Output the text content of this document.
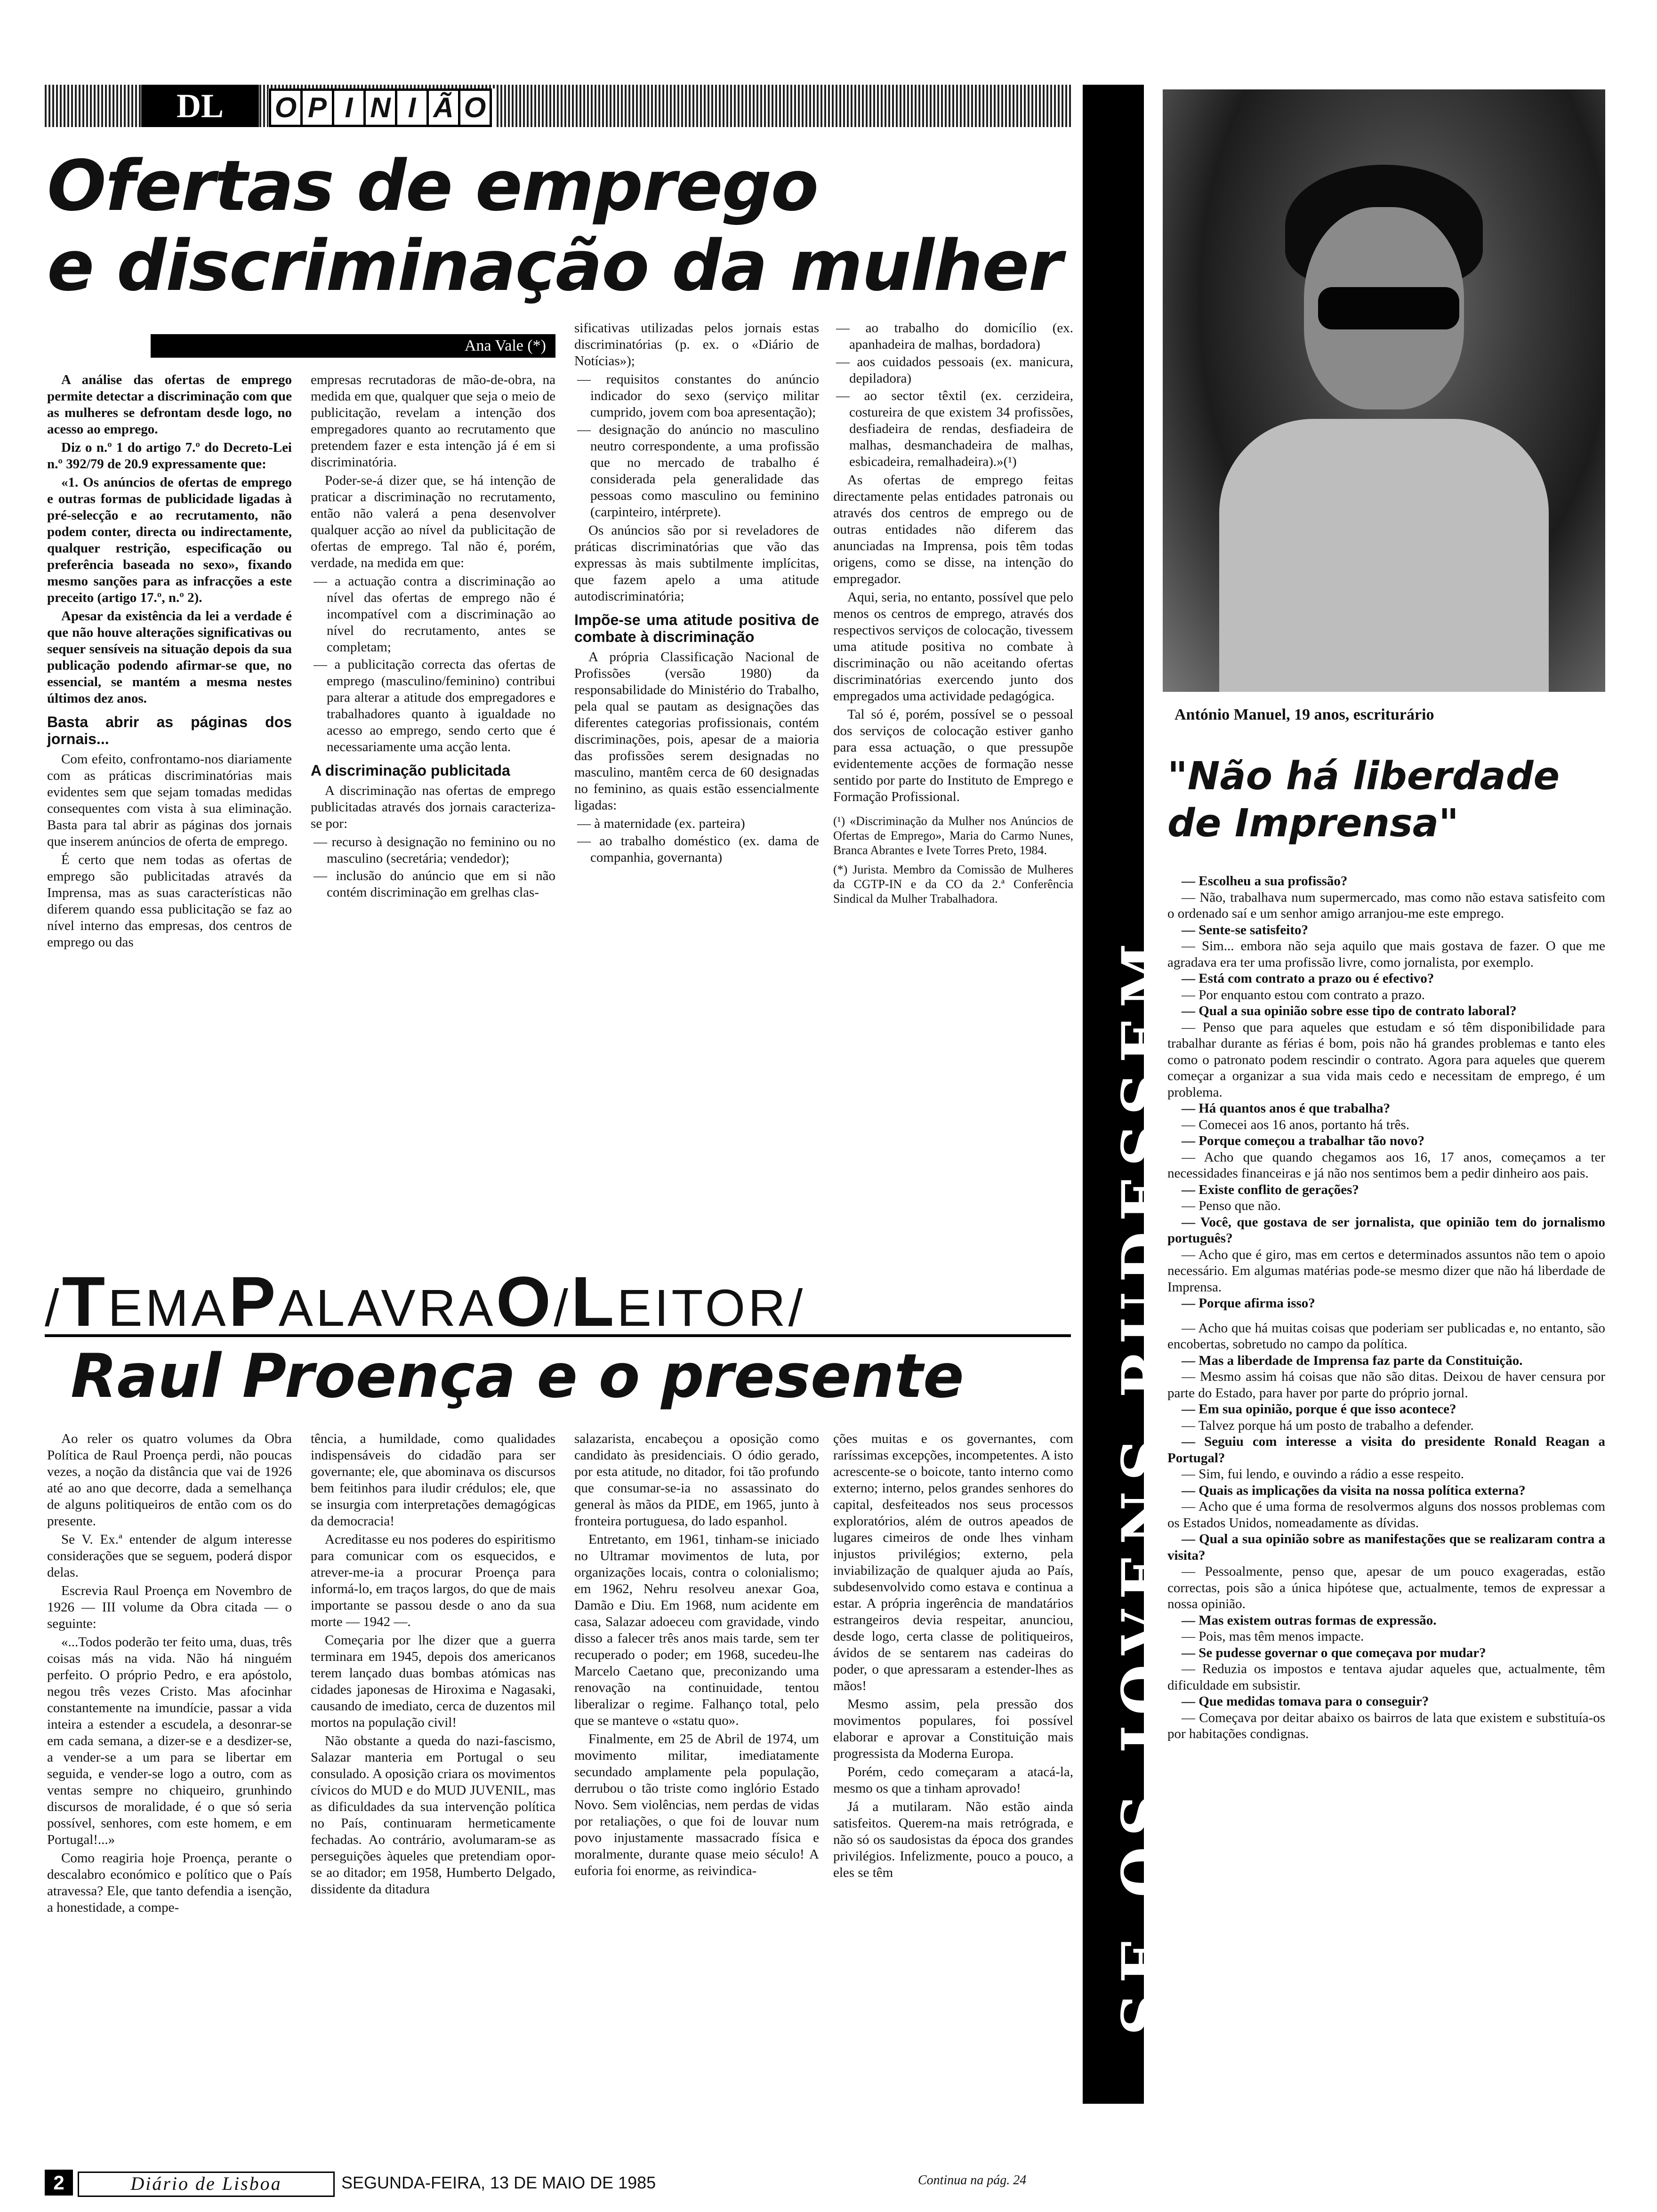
DL	O P I N I Ã O
Ofertas de emprego
e discriminação da mulher
Ana Vale (*)

A análise das ofertas de emprego permite detectar a discriminação com que as mulheres se defrontam desde logo, no acesso ao emprego.

Diz o n.º 1 do artigo 7.º do Decreto-Lei n.º 392/79 de 20.9 expressamente que:

«1. Os anúncios de ofertas de emprego e outras formas de publicidade ligadas à pré-selecção e ao recrutamento, não podem conter, directa ou indirectamente, qualquer restrição, especificação ou preferência baseada no sexo», fixando mesmo sanções para as infracções a este preceito (artigo 17.º, n.º 2).

Apesar da existência da lei a verdade é que não houve alterações significativas ou sequer sensíveis na situação depois da sua publicação podendo afirmar-se que, no essencial, se mantém a mesma nestes últimos dez anos.

Basta abrir as páginas dos jornais...

Com efeito, confrontamo-nos diariamente com as práticas discriminatórias mais evidentes sem que sejam tomadas medidas consequentes com vista à sua eliminação. Basta para tal abrir as páginas dos jornais que inserem anúncios de oferta de emprego.

É certo que nem todas as ofertas de emprego são publicitadas através da Imprensa, mas as suas características não diferem quando essa publicitação se faz ao nível interno das empresas, dos centros de emprego ou das

empresas recrutadoras de mão-de-obra, na medida em que, qualquer que seja o meio de publicitação, revelam a intenção dos empregadores quanto ao recrutamento que pretendem fazer e esta intenção já é em si discriminatória.

Poder-se-á dizer que, se há intenção de praticar a discriminação no recrutamento, então não valerá a pena desenvolver qualquer acção ao nível da publicitação de ofertas de emprego. Tal não é, porém, verdade, na medida em que:

— a actuação contra a discriminação ao nível das ofertas de emprego não é incompatível com a discriminação ao nível do recrutamento, antes se completam;
— a publicitação correcta das ofertas de emprego (masculino/feminino) contribui para alterar a atitude dos empregadores e trabalhadores quanto à igualdade no acesso ao emprego, sendo certo que é necessariamente uma acção lenta.
A discriminação publicitada

A discriminação nas ofertas de emprego publicitadas através dos jornais caracteriza-se por:

— recurso à designação no feminino ou no masculino (secretária; vendedor);
— inclusão do anúncio que em si não contém discriminação em grelhas clas-

sificativas utilizadas pelos jornais estas discriminatórias (p. ex. o «Diário de Notícias»);

— requisitos constantes do anúncio indicador do sexo (serviço militar cumprido, jovem com boa apresentação);
— designação do anúncio no masculino neutro correspondente, a uma profissão que no mercado de trabalho é considerada pela generalidade das pessoas como masculino ou feminino (carpinteiro, intérprete).

Os anúncios são por si reveladores de práticas discriminatórias que vão das expressas às mais subtilmente implícitas, que fazem apelo a uma atitude autodiscriminatória;

Impõe-se uma atitude positiva de combate à discriminação

A própria Classificação Nacional de Profissões (versão 1980) da responsabilidade do Ministério do Trabalho, pela qual se pautam as designações das diferentes categorias profissionais, contém discriminações, pois, apesar de a maioria das profissões serem designadas no masculino, mantêm cerca de 60 designadas no feminino, as quais estão essencialmente ligadas:

— à maternidade (ex. parteira)
— ao trabalho doméstico (ex. dama de companhia, governanta)
— ao trabalho do domicílio (ex. apanhadeira de malhas, bordadora)
— aos cuidados pessoais (ex. manicura, depiladora)
— ao sector têxtil (ex. cerzideira, costureira de que existem 34 profissões, desfiadeira de rendas, desfiadeira de malhas, desmanchadeira de malhas, esbicadeira, remalhadeira).»(¹)

As ofertas de emprego feitas directamente pelas entidades patronais ou através dos centros de emprego ou de outras entidades não diferem das anunciadas na Imprensa, pois têm todas origens, como se disse, na intenção do empregador.

Aqui, seria, no entanto, possível que pelo menos os centros de emprego, através dos respectivos serviços de colocação, tivessem uma atitude positiva no combate à discriminação ou não aceitando ofertas discriminatórias exercendo junto dos empregados uma actividade pedagógica.

Tal só é, porém, possível se o pessoal dos serviços de colocação estiver ganho para essa actuação, o que pressupõe evidentemente acções de formação nesse sentido por parte do Instituto de Emprego e Formação Profissional.

(¹) «Discriminação da Mulher nos Anúncios de Ofertas de Emprego», Maria do Carmo Nunes, Branca Abrantes e Ivete Torres Preto, 1984.

(*) Jurista. Membro da Comissão de Mulheres da CGTP-IN e da CO da 2.ª Conferência Sindical da Mulher Trabalhadora.

/TEMAPALAVRAO/LEITOR/
Raul Proença e o presente

Ao reler os quatro volumes da Obra Política de Raul Proença perdi, não poucas vezes, a noção da distância que vai de 1926 até ao ano que decorre, dada a semelhança de alguns politiqueiros de então com os do presente.

Se V. Ex.ª entender de algum interesse considerações que se seguem, poderá dispor delas.

Escrevia Raul Proença em Novembro de 1926 — III volume da Obra citada — o seguinte:

«...Todos poderão ter feito uma, duas, três coisas más na vida. Não há ninguém perfeito. O próprio Pedro, e era apóstolo, negou três vezes Cristo. Mas afocinhar constantemente na imundície, passar a vida inteira a estender a escudela, a desonrar-se em cada semana, a dizer-se e a desdizer-se, a vender-se a um para se libertar em seguida, e vender-se logo a outro, com as ventas sempre no chiqueiro, grunhindo discursos de moralidade, é o que só seria possível, senhores, com este homem, e em Portugal!...»

Como reagiria hoje Proença, perante o descalabro económico e político que o País atravessa? Ele, que tanto defendia a isenção, a honestidade, a compe-

tência, a humildade, como qualidades indispensáveis do cidadão para ser governante; ele, que abominava os discursos bem feitinhos para iludir crédulos; ele, que se insurgia com interpretações demagógicas da democracia!

Acreditasse eu nos poderes do espiritismo para comunicar com os esquecidos, e atrever-me-ia a procurar Proença para informá-lo, em traços largos, do que de mais importante se passou desde o ano da sua morte — 1942 —.

Começaria por lhe dizer que a guerra terminara em 1945, depois dos americanos terem lançado duas bombas atómicas nas cidades japonesas de Hiroxima e Nagasaki, causando de imediato, cerca de duzentos mil mortos na população civil!

Não obstante a queda do nazi-fascismo, Salazar manteria em Portugal o seu consulado. A oposição criara os movimentos cívicos do MUD e do MUD JUVENIL, mas as dificuldades da sua intervenção política no País, continuaram hermeticamente fechadas. Ao contrário, avolumaram-se as perseguições àqueles que pretendiam opor-se ao ditador; em 1958, Humberto Delgado, dissidente da ditadura

salazarista, encabeçou a oposição como candidato às presidenciais. O ódio gerado, por esta atitude, no ditador, foi tão profundo que consumar-se-ia no assassinato do general às mãos da PIDE, em 1965, junto à fronteira portuguesa, do lado espanhol.

Entretanto, em 1961, tinham-se iniciado no Ultramar movimentos de luta, por organizações locais, contra o colonialismo; em 1962, Nehru resolveu anexar Goa, Damão e Diu. Em 1968, num acidente em casa, Salazar adoeceu com gravidade, vindo disso a falecer três anos mais tarde, sem ter recuperado o poder; em 1968, sucedeu-lhe Marcelo Caetano que, preconizando uma renovação na continuidade, tentou liberalizar o regime. Falhanço total, pelo que se manteve o «statu quo».

Finalmente, em 25 de Abril de 1974, um movimento militar, imediatamente secundado amplamente pela população, derrubou o tão triste como inglório Estado Novo. Sem violências, nem perdas de vidas por retaliações, o que foi de louvar num povo injustamente massacrado física e moralmente, durante quase meio século! A euforia foi enorme, as reivindica-

ções muitas e os governantes, com raríssimas excepções, incompetentes. A isto acrescente-se o boicote, tanto interno como externo; interno, pelos grandes senhores do capital, desfeiteados nos seus processos exploratórios, além de outros apeados de lugares cimeiros de onde lhes vinham injustos privilégios; externo, pela inviabilização de qualquer ajuda ao País, subdesenvolvido como estava e continua a estar. A própria ingerência de mandatários estrangeiros devia respeitar, anunciou, desde logo, certa classe de politiqueiros, ávidos de se sentarem nas cadeiras do poder, o que apressaram a estender-lhes as mãos!

Mesmo assim, pela pressão dos movimentos populares, foi possível elaborar e aprovar a Constituição mais progressista da Moderna Europa.

Porém, cedo começaram a atacá-la, mesmo os que a tinham aprovado!

Já a mutilaram. Não estão ainda satisfeitos. Querem-na mais retrógrada, e não só os saudosistas da época dos grandes privilégios. Infelizmente, pouco a pouco, a eles se têm	SE OS JOVENS PUDESSEM...
António Manuel, 19 anos, escriturário
"Não há liberdade
de Imprensa"

— Escolheu a sua profissão?

— Não, trabalhava num supermercado, mas como não estava satisfeito com o ordenado saí e um senhor amigo arranjou-me este emprego.

— Sente-se satisfeito?

— Sim... embora não seja aquilo que mais gostava de fazer. O que me agradava era ter uma profissão livre, como jornalista, por exemplo.

— Está com contrato a prazo ou é efectivo?

— Por enquanto estou com contrato a prazo.

— Qual a sua opinião sobre esse tipo de contrato laboral?

— Penso que para aqueles que estudam e só têm disponibilidade para trabalhar durante as férias é bom, pois não há grandes problemas e tanto eles como o patronato podem rescindir o contrato. Agora para aqueles que querem começar a organizar a sua vida mais cedo e necessitam de emprego, é um problema.

— Há quantos anos é que trabalha?

— Comecei aos 16 anos, portanto há três.

— Porque começou a trabalhar tão novo?

— Acho que quando chegamos aos 16, 17 anos, começamos a ter necessidades financeiras e já não nos sentimos bem a pedir dinheiro aos pais.

— Existe conflito de gerações?

— Penso que não.

— Você, que gostava de ser jornalista, que opinião tem do jornalismo português?

— Acho que é giro, mas em certos e determinados assuntos não tem o apoio necessário. Em algumas matérias pode-se mesmo dizer que não há liberdade de Imprensa.

— Porque afirma isso?

— Acho que há muitas coisas que poderiam ser publicadas e, no entanto, são encobertas, sobretudo no campo da política.

— Mas a liberdade de Imprensa faz parte da Constituição.

— Mesmo assim há coisas que não são ditas. Deixou de haver censura por parte do Estado, para haver por parte do próprio jornal.

— Em sua opinião, porque é que isso acontece?

— Talvez porque há um posto de trabalho a defender.

— Seguiu com interesse a visita do presidente Ronald Reagan a Portugal?

— Sim, fui lendo, e ouvindo a rádio a esse respeito.

— Quais as implicações da visita na nossa política externa?

— Acho que é uma forma de resolvermos alguns dos nossos problemas com os Estados Unidos, nomeadamente as dívidas.

— Qual a sua opinião sobre as manifestações que se realizaram contra a visita?

— Pessoalmente, penso que, apesar de um pouco exageradas, estão correctas, pois são a única hipótese que, actualmente, temos de expressar a nossa opinião.

— Mas existem outras formas de expressão.

— Pois, mas têm menos impacte.

— Se pudesse governar o que começava por mudar?

— Reduzia os impostos e tentava ajudar aqueles que, actualmente, têm dificuldade em subsistir.

— Que medidas tomava para o conseguir?

— Começava por deitar abaixo os bairros de lata que existem e substituía-os por habitações condignas.

Continua na pág. 24
2	Diário de Lisboa	SEGUNDA-FEIRA, 13 DE MAIO DE 1985
